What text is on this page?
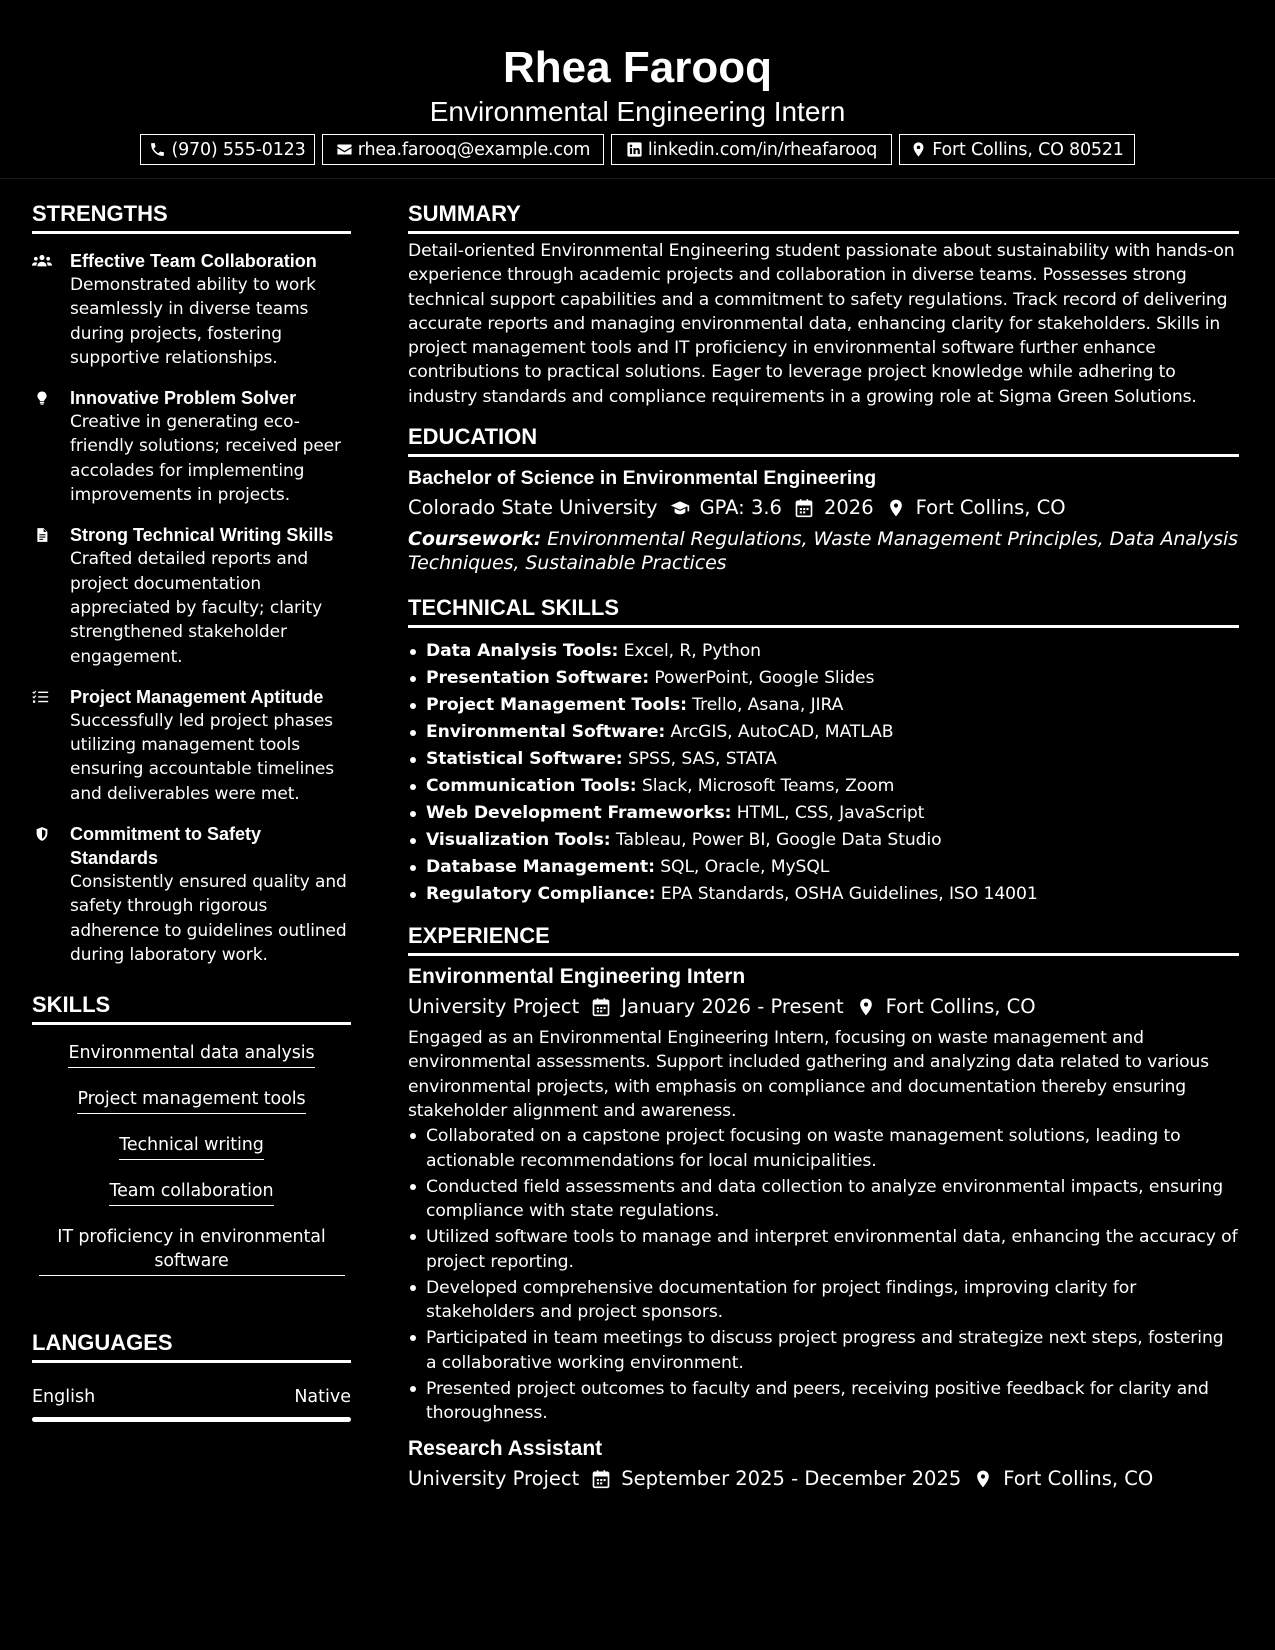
Rhea Farooq
Environmental Engineering Intern
(970) 555-0123	rhea.farooq@example.com	linkedin.com/in/rheafarooq	Fort Collins, CO 80521
STRENGTHS
Effective Team Collaboration
Demonstrated ability to work seamlessly in diverse teams during projects, fostering supportive relationships.
Innovative Problem Solver
Creative in generating eco-friendly solutions; received peer accolades for implementing improvements in projects.
Strong Technical Writing Skills
Crafted detailed reports and project documentation appreciated by faculty; clarity strengthened stakeholder engagement.
Project Management Aptitude
Successfully led project phases utilizing management tools ensuring accountable timelines and deliverables were met.
Commitment to Safety Standards
Consistently ensured quality and safety through rigorous adherence to guidelines outlined during laboratory work.
SKILLS
Environmental data analysis
Project management tools
Technical writing
Team collaboration
IT proficiency in environmental software
LANGUAGES
English	Native
SUMMARY
Detail-oriented Environmental Engineering student passionate about sustainability with hands-on experience through academic projects and collaboration in diverse teams. Possesses strong technical support capabilities and a commitment to safety regulations. Track record of delivering accurate reports and managing environmental data, enhancing clarity for stakeholders. Skills in project management tools and IT proficiency in environmental software further enhance contributions to practical solutions. Eager to leverage project knowledge while adhering to industry standards and compliance requirements in a growing role at Sigma Green Solutions.
EDUCATION
Bachelor of Science in Environmental Engineering
Colorado State University GPA: 3.6 2026 Fort Collins, CO
Coursework: Environmental Regulations, Waste Management Principles, Data Analysis Techniques, Sustainable Practices
TECHNICAL SKILLS
Data Analysis Tools: Excel, R, Python
Presentation Software: PowerPoint, Google Slides
Project Management Tools: Trello, Asana, JIRA
Environmental Software: ArcGIS, AutoCAD, MATLAB
Statistical Software: SPSS, SAS, STATA
Communication Tools: Slack, Microsoft Teams, Zoom
Web Development Frameworks: HTML, CSS, JavaScript
Visualization Tools: Tableau, Power BI, Google Data Studio
Database Management: SQL, Oracle, MySQL
Regulatory Compliance: EPA Standards, OSHA Guidelines, ISO 14001
EXPERIENCE
Environmental Engineering Intern
University Project January 2026 - Present Fort Collins, CO
Engaged as an Environmental Engineering Intern, focusing on waste management and environmental assessments. Support included gathering and analyzing data related to various environmental projects, with emphasis on compliance and documentation thereby ensuring stakeholder alignment and awareness.
Collaborated on a capstone project focusing on waste management solutions, leading to actionable recommendations for local municipalities.
Conducted field assessments and data collection to analyze environmental impacts, ensuring compliance with state regulations.
Utilized software tools to manage and interpret environmental data, enhancing the accuracy of project reporting.
Developed comprehensive documentation for project findings, improving clarity for stakeholders and project sponsors.
Participated in team meetings to discuss project progress and strategize next steps, fostering a collaborative working environment.
Presented project outcomes to faculty and peers, receiving positive feedback for clarity and thoroughness.
Research Assistant
University Project September 2025 - December 2025 Fort Collins, CO
